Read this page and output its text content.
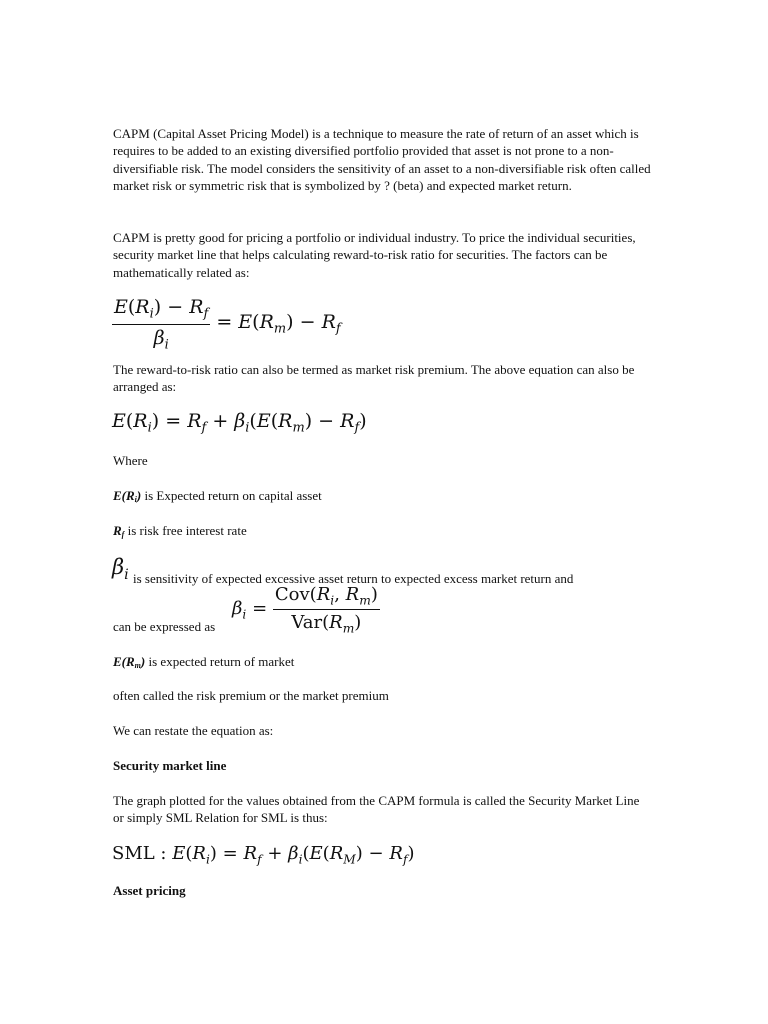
CAPM (Capital Asset Pricing Model) is a technique to measure the rate of return of an asset which is requires to be added to an existing diversified portfolio provided that asset is not prone to a non-diversifiable risk. The model considers the sensitivity of an asset to a non-diversifiable risk often called market risk or symmetric risk that is symbolized by ? (beta) and expected market return.

CAPM is pretty good for pricing a portfolio or individual industry. To price the individual securities, security market line that helps calculating reward-to-risk ratio for securities. The factors can be mathematically related as:

$\frac{E(R_i) - R_f}{\beta_i} = E(R_m) - R_f$

The reward-to-risk ratio can also be termed as market risk premium. The above equation can also be arranged as:

$E(R_i) = R_f + \beta_i(E(R_m) - R_f)$
Where
$E(R_i)$ is Expected return on capital asset
$R_f$ is risk free interest rate
$\beta_i$ is sensitivity of expected excessive asset return to expected excess market return and
$\beta_i = \frac{Cov(R_i, R_m)}{Var(R_m)}$
can be expressed as
$E(R_m)$ is expected return of market
often called the risk premium or the market premium
We can restate the equation as:
Security market line

The graph plotted for the values obtained from the CAPM formula is called the Security Market Line or simply SML Relation for SML is thus:

SML : $E(R_i) = R_f + \beta_i(E(R_M) - R_f)$
Asset pricing
